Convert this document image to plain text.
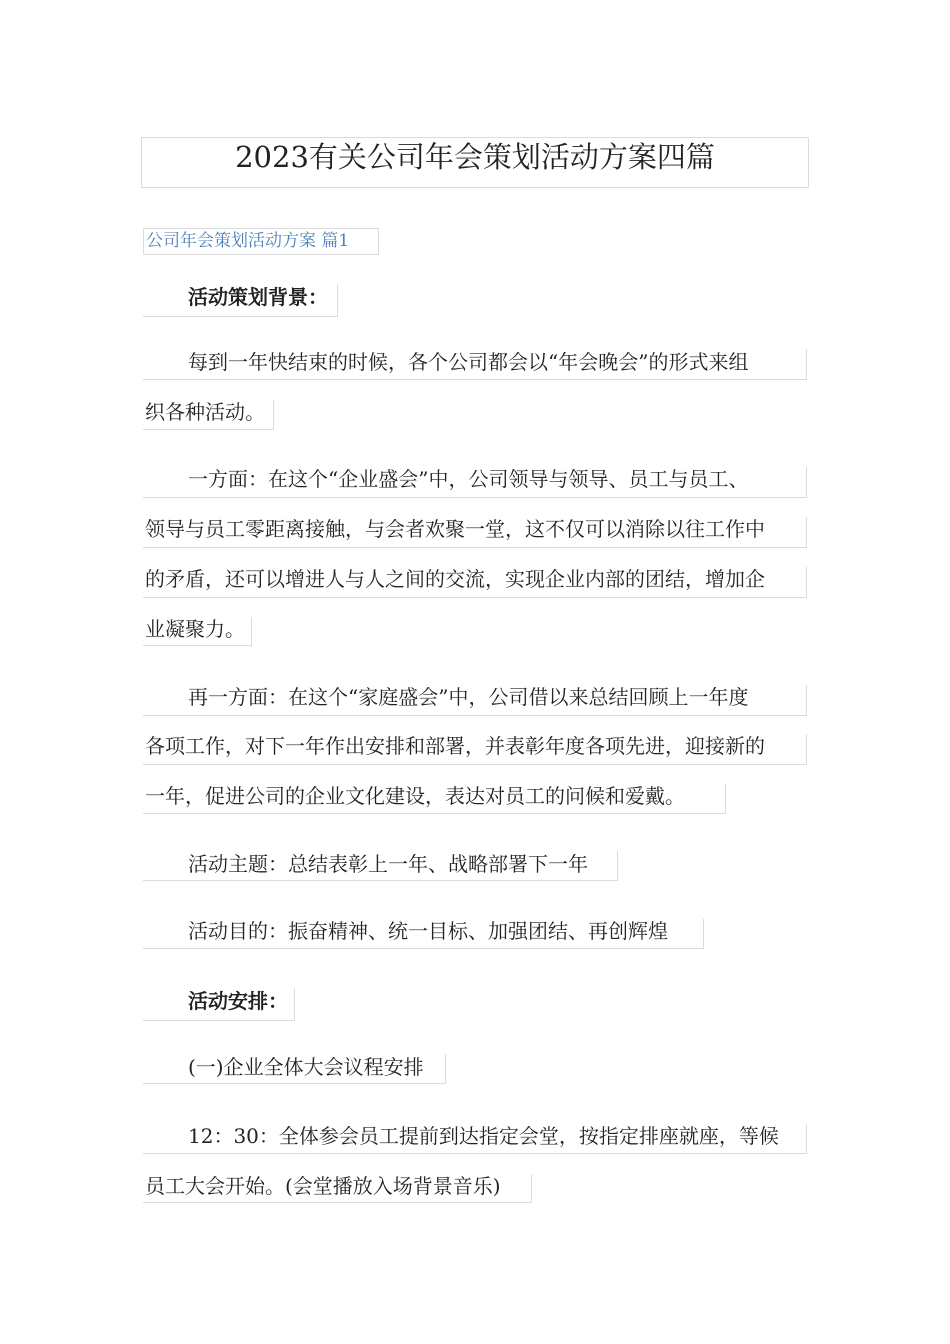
2023有关公司年会策划活动方案四篇
公司年会策划活动方案 篇1
活动策划背景：
每到一年快结束的时候，各个公司都会以“年会晚会”的形式来组
织各种活动。
一方面：在这个“企业盛会”中，公司领导与领导、员工与员工、
领导与员工零距离接触，与会者欢聚一堂，这不仅可以消除以往工作中
的矛盾，还可以增进人与人之间的交流，实现企业内部的团结，增加企
业凝聚力。
再一方面：在这个“家庭盛会”中，公司借以来总结回顾上一年度
各项工作，对下一年作出安排和部署，并表彰年度各项先进，迎接新的
一年，促进公司的企业文化建设，表达对员工的问候和爱戴。
活动主题：总结表彰上一年、战略部署下一年
活动目的：振奋精神、统一目标、加强团结、再创辉煌
活动安排：
(一)企业全体大会议程安排
12：30：全体参会员工提前到达指定会堂，按指定排座就座，等候
员工大会开始。(会堂播放入场背景音乐)
